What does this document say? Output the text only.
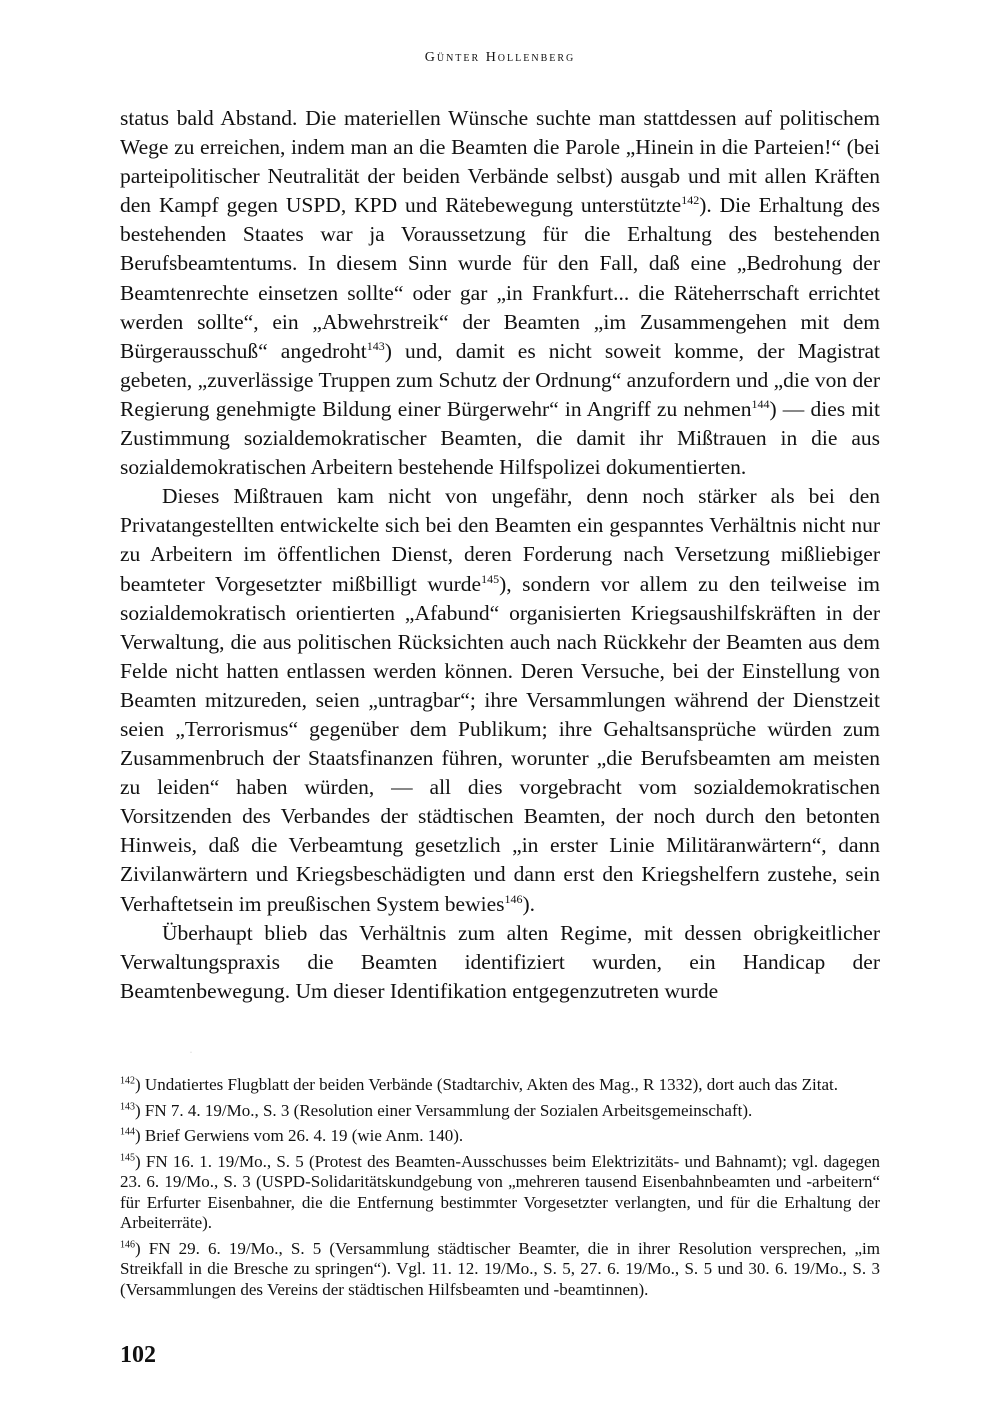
Günter Hollenberg

status bald Abstand. Die materiellen Wünsche suchte man stattdessen auf politischem Wege zu erreichen, indem man an die Beamten die Parole „Hinein in die Parteien!“ (bei parteipolitischer Neutralität der beiden Verbände selbst) ausgab und mit allen Kräften den Kampf gegen USPD, KPD und Rätebewegung unterstützte$^{142}$). Die Erhaltung des bestehenden Staates war ja Voraussetzung für die Erhaltung des bestehenden Berufsbeamtentums. In diesem Sinn wurde für den Fall, daß eine „Bedrohung der Beamtenrechte einsetzen sollte“ oder gar „in Frankfurt... die Räteherrschaft errichtet werden sollte“, ein „Abwehrstreik“ der Beamten „im Zusammengehen mit dem Bürgerausschuß“ angedroht$^{143}$) und, damit es nicht soweit komme, der Magistrat gebeten, „zuverlässige Truppen zum Schutz der Ordnung“ anzufordern und „die von der Regierung genehmigte Bildung einer Bürgerwehr“ in Angriff zu nehmen$^{144}$) — dies mit Zustimmung sozialdemokratischer Beamten, die damit ihr Mißtrauen in die aus sozialdemokratischen Arbeitern bestehende Hilfspolizei dokumentierten.

Dieses Mißtrauen kam nicht von ungefähr, denn noch stärker als bei den Privatangestellten entwickelte sich bei den Beamten ein gespanntes Verhältnis nicht nur zu Arbeitern im öffentlichen Dienst, deren Forderung nach Versetzung mißliebiger beamteter Vorgesetzter mißbilligt wurde$^{145}$), sondern vor allem zu den teilweise im sozialdemokratisch orientierten „Afabund“ organisierten Kriegsaushilfskräften in der Verwaltung, die aus politischen Rücksichten auch nach Rückkehr der Beamten aus dem Felde nicht hatten entlassen werden können. Deren Versuche, bei der Einstellung von Beamten mitzureden, seien „untragbar“; ihre Versammlungen während der Dienstzeit seien „Terrorismus“ gegenüber dem Publikum; ihre Gehaltsansprüche würden zum Zusammenbruch der Staatsfinanzen führen, worunter „die Berufsbeamten am meisten zu leiden“ haben würden, — all dies vorgebracht vom sozialdemokratischen Vorsitzenden des Verbandes der städtischen Beamten, der noch durch den betonten Hinweis, daß die Verbeamtung gesetzlich „in erster Linie Militäranwärtern“, dann Zivilanwärtern und Kriegsbeschädigten und dann erst den Kriegshelfern zustehe, sein Verhaftetsein im preußischen System bewies$^{146}$).

Überhaupt blieb das Verhältnis zum alten Regime, mit dessen obrigkeitlicher Verwaltungspraxis die Beamten identifiziert wurden, ein Handicap der Beamtenbewegung. Um dieser Identifikation entgegenzutreten wurde

·

$^{142}$) Undatiertes Flugblatt der beiden Verbände (Stadtarchiv, Akten des Mag., R 1332), dort auch das Zitat.

$^{143}$) FN 7. 4. 19/Mo., S. 3 (Resolution einer Versammlung der Sozialen Arbeitsgemeinschaft).

$^{144}$) Brief Gerwiens vom 26. 4. 19 (wie Anm. 140).

$^{145}$) FN 16. 1. 19/Mo., S. 5 (Protest des Beamten-Ausschusses beim Elektrizitäts- und Bahnamt); vgl. dagegen 23. 6. 19/Mo., S. 3 (USPD-Solidaritätskundgebung von „mehreren tausend Eisenbahnbeamten und -arbeitern“ für Erfurter Eisenbahner, die die Entfernung bestimmter Vorgesetzter verlangten, und für die Erhaltung der Arbeiterräte).

$^{146}$) FN 29. 6. 19/Mo., S. 5 (Versammlung städtischer Beamter, die in ihrer Resolution versprechen, „im Streikfall in die Bresche zu springen“). Vgl. 11. 12. 19/Mo., S. 5, 27. 6. 19/Mo., S. 5 und 30. 6. 19/Mo., S. 3 (Versammlungen des Vereins der städtischen Hilfsbeamten und -beamtinnen).

102
